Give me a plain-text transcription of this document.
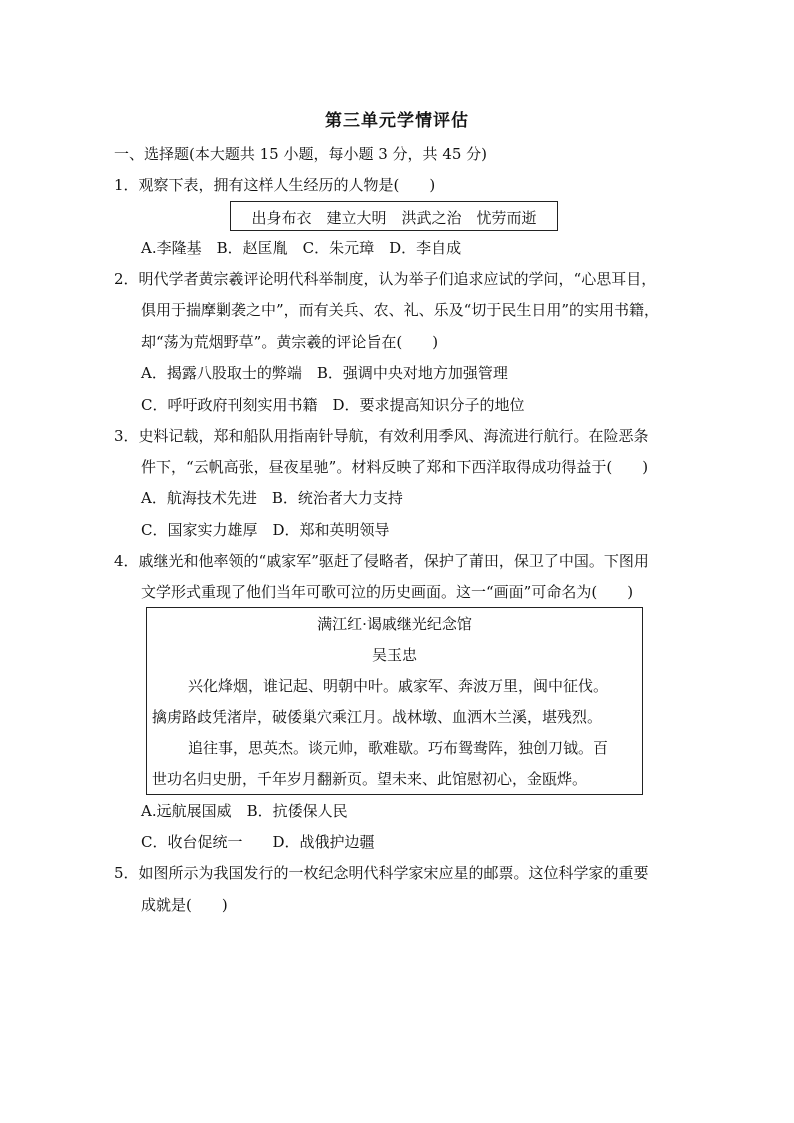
第三单元学情评估
一、选择题(本大题共 15 小题，每小题 3 分，共 45 分)
1．观察下表，拥有这样人生经历的人物是(　　)
出身布衣　建立大明　洪武之治　忧劳而逝
A.李隆基　B．赵匡胤　C．朱元璋　D．李自成
2．明代学者黄宗羲评论明代科举制度，认为举子们追求应试的学问，“心思耳目，
俱用于揣摩剿袭之中”，而有关兵、农、礼、乐及“切于民生日用”的实用书籍，
却“荡为荒烟野草”。黄宗羲的评论旨在(　　)
A．揭露八股取士的弊端　B．强调中央对地方加强管理
C．呼吁政府刊刻实用书籍　D．要求提高知识分子的地位
3．史料记载，郑和船队用指南针导航，有效利用季风、海流进行航行。在险恶条
件下，“云帆高张，昼夜星驰”。材料反映了郑和下西洋取得成功得益于(　　)
A．航海技术先进　B．统治者大力支持
C．国家实力雄厚　D．郑和英明领导
4．戚继光和他率领的“戚家军”驱赶了侵略者，保护了莆田，保卫了中国。下图用
文学形式重现了他们当年可歌可泣的历史画面。这一“画面”可命名为(　　)
满江红·谒戚继光纪念馆
吴玉忠
兴化烽烟，谁记起、明朝中叶。戚家军、奔波万里，闽中征伐。
擒虏路歧凭渚岸，破倭巢穴乘江月。战林墩、血洒木兰溪，堪残烈。
追往事，思英杰。谈元帅，歌难歇。巧布鸳鸯阵，独创刀钺。百
世功名归史册，千年岁月翻新页。望未来、此馆慰初心，金瓯烨。
A.远航展国威　B．抗倭保人民
C．收台促统一　　D．战俄护边疆
5．如图所示为我国发行的一枚纪念明代科学家宋应星的邮票。这位科学家的重要
成就是(　　)
